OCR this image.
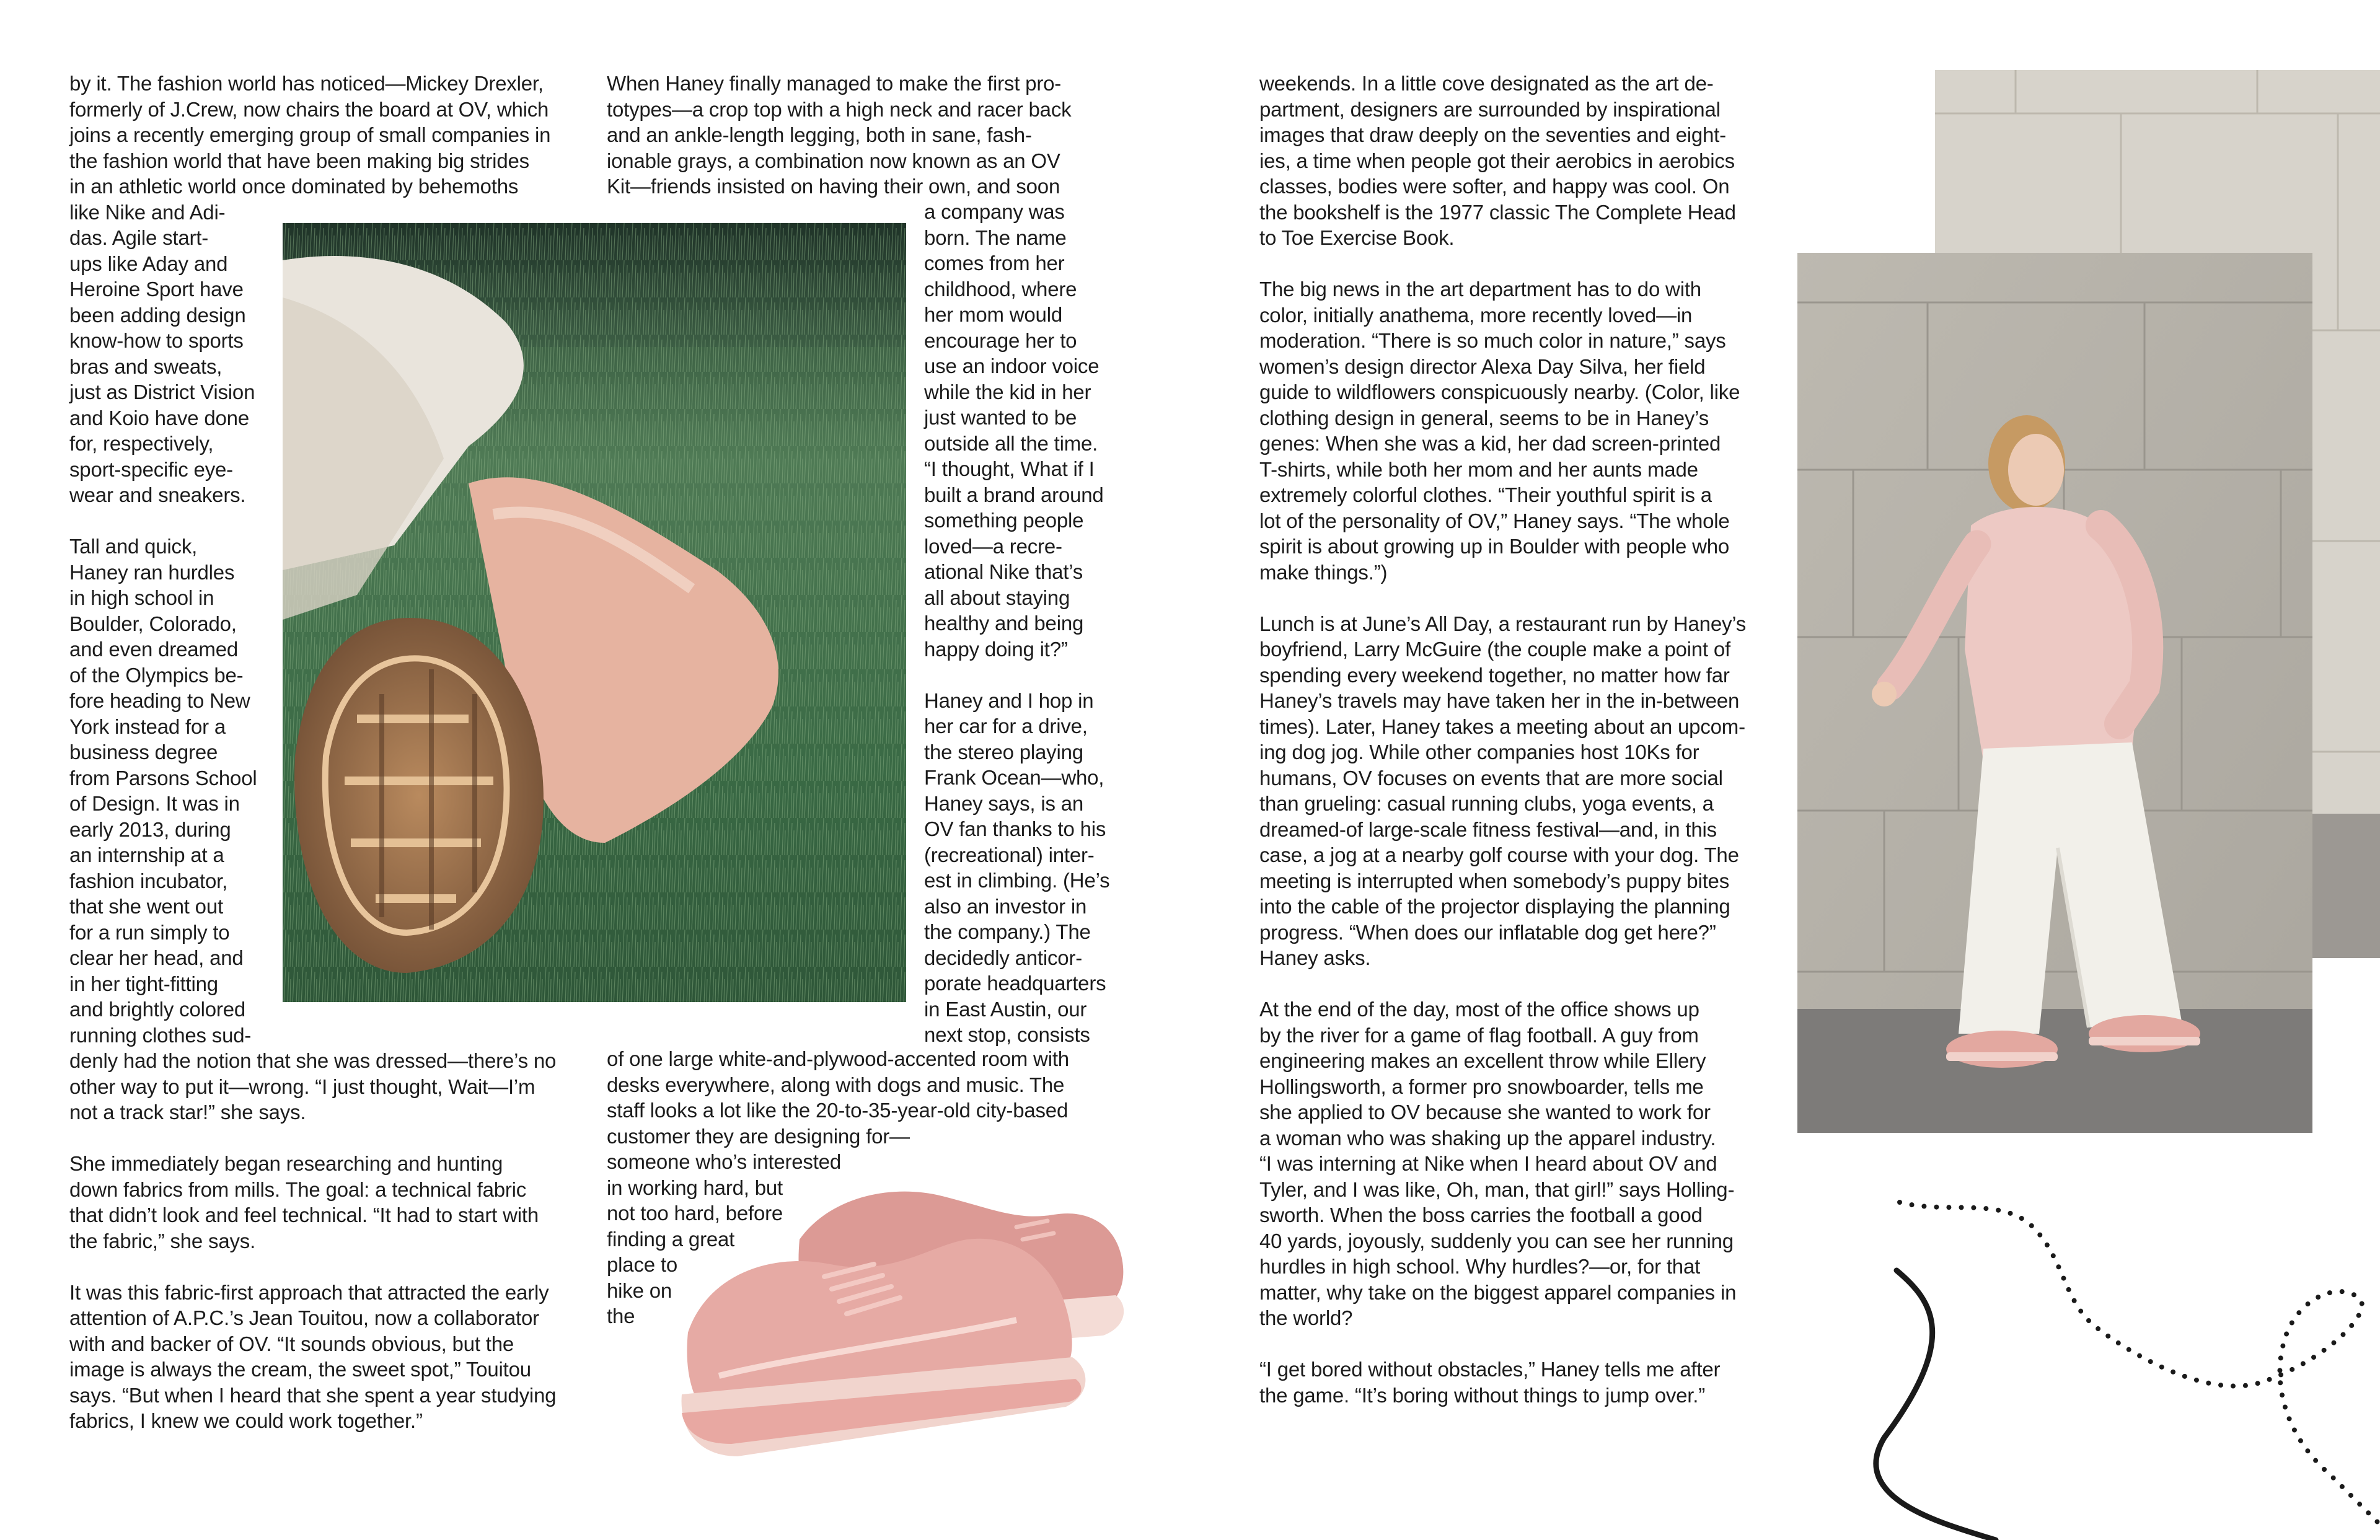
by it. The fashion world has noticed—Mickey Drexler,
formerly of J.Crew, now chairs the board at OV, which
joins a recently emerging group of small companies in
the fashion world that have been making big strides
in an athletic world once dominated by behemoths
like Nike and Adi-
das. Agile start-
ups like Aday and
Heroine Sport have
been adding design
know-how to sports
bras and sweats,
just as District Vision
and Koio have done
for, respectively,
sport-specific eye-
wear and sneakers.
Tall and quick,
Haney ran hurdles
in high school in
Boulder, Colorado,
and even dreamed
of the Olympics be-
fore heading to New
York instead for a
business degree
from Parsons School
of Design. It was in
early 2013, during
an internship at a
fashion incubator,
that she went out
for a run simply to
clear her head, and
in her tight-fitting
and brightly colored
running clothes sud-
denly had the notion that she was dressed—there’s no
other way to put it—wrong. “I just thought, Wait—I’m
not a track star!” she says.
She immediately began researching and hunting
down fabrics from mills. The goal: a technical fabric
that didn’t look and feel technical. “It had to start with
the fabric,” she says.
It was this fabric-first approach that attracted the early
attention of A.P.C.’s Jean Touitou, now a collaborator
with and backer of OV. “It sounds obvious, but the
image is always the cream, the sweet spot,” Touitou
says. “But when I heard that she spent a year studying
fabrics, I knew we could work together.”
When Haney finally managed to make the first pro-
totypes—a crop top with a high neck and racer back
and an ankle-length legging, both in sane, fash-
ionable grays, a combination now known as an OV
Kit—friends insisted on having their own, and soon
a company was
born. The name
comes from her
childhood, where
her mom would
encourage her to
use an indoor voice
while the kid in her
just wanted to be
outside all the time.
“I thought, What if I
built a brand around
something people
loved—a recre-
ational Nike that’s
all about staying
healthy and being
happy doing it?”
Haney and I hop in
her car for a drive,
the stereo playing
Frank Ocean—who,
Haney says, is an
OV fan thanks to his
(recreational) inter-
est in climbing. (He’s
also an investor in
the company.) The
decidedly anticor-
porate headquarters
in East Austin, our
next stop, consists
of one large white-and-plywood-accented room with
desks everywhere, along with dogs and music. The
staff looks a lot like the 20-to-35-year-old city-based
customer they are designing for—
someone who’s interested
in working hard, but
not too hard, before
finding a great
place to
hike on
the
weekends. In a little cove designated as the art de-
partment, designers are surrounded by inspirational
images that draw deeply on the seventies and eight-
ies, a time when people got their aerobics in aerobics
classes, bodies were softer, and happy was cool. On
the bookshelf is the 1977 classic The Complete Head
to Toe Exercise Book.
The big news in the art department has to do with
color, initially anathema, more recently loved—in
moderation. “There is so much color in nature,” says
women’s design director Alexa Day Silva, her field
guide to wildflowers conspicuously nearby. (Color, like
clothing design in general, seems to be in Haney’s
genes: When she was a kid, her dad screen-printed
T-shirts, while both her mom and her aunts made
extremely colorful clothes. “Their youthful spirit is a
lot of the personality of OV,” Haney says. “The whole
spirit is about growing up in Boulder with people who
make things.”)
Lunch is at June’s All Day, a restaurant run by Haney’s
boyfriend, Larry McGuire (the couple make a point of
spending every weekend together, no matter how far
Haney’s travels may have taken her in the in-between
times). Later, Haney takes a meeting about an upcom-
ing dog jog. While other companies host 10Ks for
humans, OV focuses on events that are more social
than grueling: casual running clubs, yoga events, a
dreamed-of large-scale fitness festival—and, in this
case, a jog at a nearby golf course with your dog. The
meeting is interrupted when somebody’s puppy bites
into the cable of the projector displaying the planning
progress. “When does our inflatable dog get here?”
Haney asks.
At the end of the day, most of the office shows up
by the river for a game of flag football. A guy from
engineering makes an excellent throw while Ellery
Hollingsworth, a former pro snowboarder, tells me
she applied to OV because she wanted to work for
a woman who was shaking up the apparel industry.
“I was interning at Nike when I heard about OV and
Tyler, and I was like, Oh, man, that girl!” says Holling-
sworth. When the boss carries the football a good
40 yards, joyously, suddenly you can see her running
hurdles in high school. Why hurdles?—or, for that
matter, why take on the biggest apparel companies in
the world?
“I get bored without obstacles,” Haney tells me after
the game. “It’s boring without things to jump over.”
